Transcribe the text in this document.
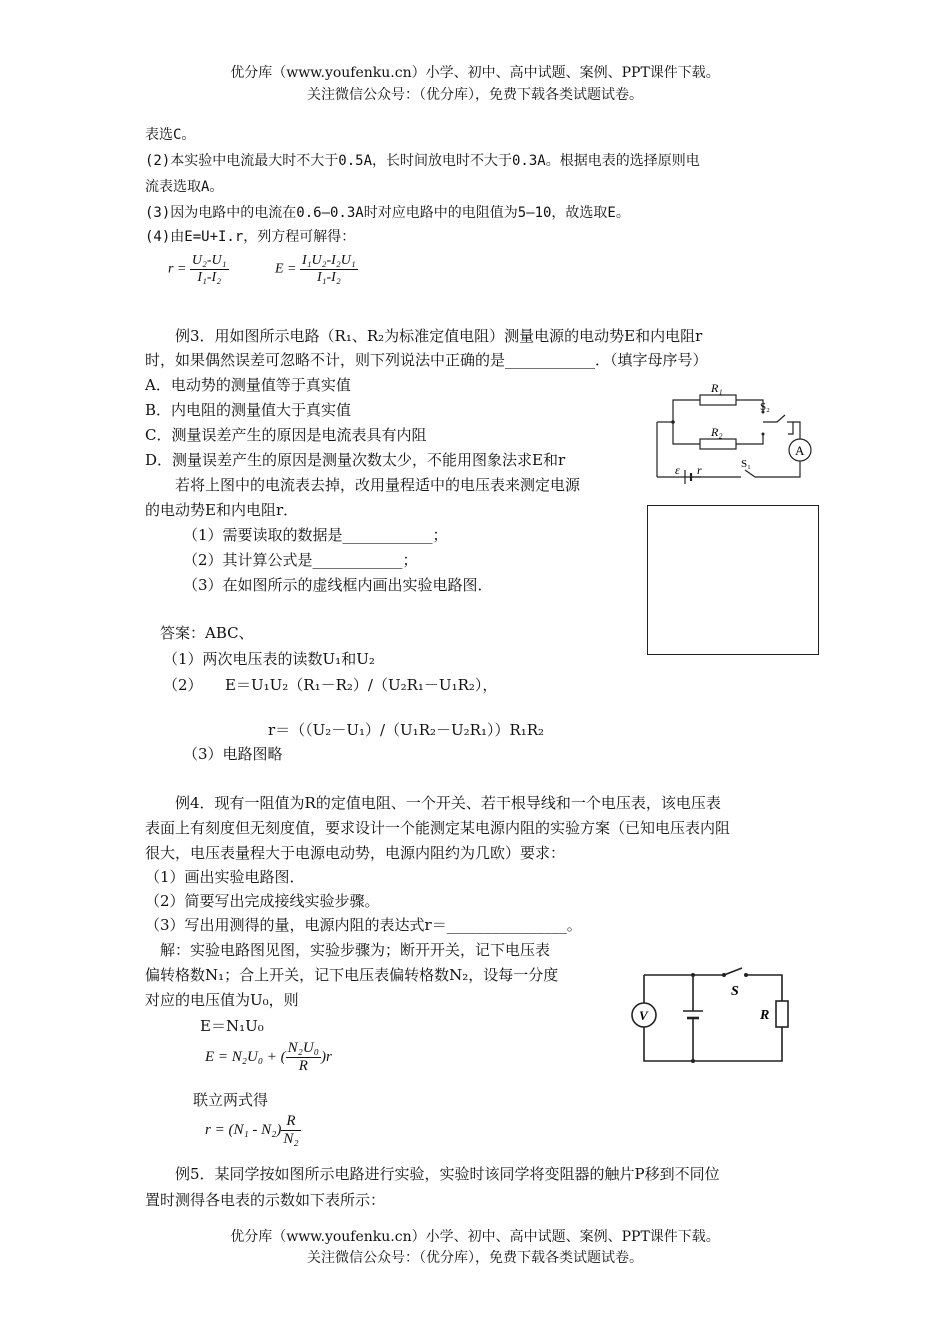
优分库（www.youfenku.cn）小学、初中、高中试题、案例、PPT课件下载。
关注微信公众号：（优分库），免费下载各类试题试卷。
表选C。
(2)本实验中电流最大时不大于0.5A，长时间放电时不大于0.3A。根据电表的选择原则电
流表选取A。
(3)因为电路中的电流在0.6—0.3A时对应电路中的电阻值为5—10，故选取E。
(4)由E=U+I.r，列方程可解得：
$r = \frac{\text{U₂-U₁}}{\text{I₁-I₂}}$	$E = \frac{\text{I₁U₂-I₂U₁}}{\text{I₁-I₂}}$
例3．用如图所示电路（R₁、R₂为标准定值电阻）测量电源的电动势E和内电阻r
时，如果偶然误差可忽略不计，则下列说法中正确的是____________．（填字母序号）
A．电动势的测量值等于真实值
B．内电阻的测量值大于真实值
C．测量误差产生的原因是电流表具有内阻
D．测量误差产生的原因是测量次数太少，不能用图象法求E和r
若将上图中的电流表去掉，改用量程适中的电压表来测定电源
的电动势E和内电阻r．
（1）需要读取的数据是____________；
（2）其计算公式是____________；
（3）在如图所示的虚线框内画出实验电路图．
答案：ABC、
（1）两次电压表的读数U₁和U₂
（2）　　E＝U₁U₂（R₁－R₂）/（U₂R₁－U₁R₂），
r＝（（U₂－U₁）/（U₁R₂－U₂R₁））R₁R₂
（3）电路图略
R₁
R₂
S₂
A
S₁
ε r
例4．现有一阻值为R的定值电阻、一个开关、若干根导线和一个电压表，该电压表
表面上有刻度但无刻度值，要求设计一个能测定某电源内阻的实验方案（已知电压表内阻
很大，电压表量程大于电源电动势，电源内阻约为几欧）要求：
（1）画出实验电路图．
（2）简要写出完成接线实验步骤。
（3）写出用测得的量，电源内阻的表达式r＝________________。
解：实验电路图见图，实验步骤为；断开开关，记下电压表
偏转格数N₁；合上开关，记下电压表偏转格数N₂，设每一分度
对应的电压值为U₀，则
E＝N₁U₀
E = N₂U₀ + ( $\frac{\text{N₂U₀}}{R} )r$
联立两式得
$r = (N_1 - N_2) \frac{R}{\text{N₂}}$
V
S
R
例5．某同学按如图所示电路进行实验，实验时该同学将变阻器的触片P移到不同位
置时测得各电表的示数如下表所示：
优分库（www.youfenku.cn）小学、初中、高中试题、案例、PPT课件下载。
关注微信公众号：（优分库），免费下载各类试题试卷。
